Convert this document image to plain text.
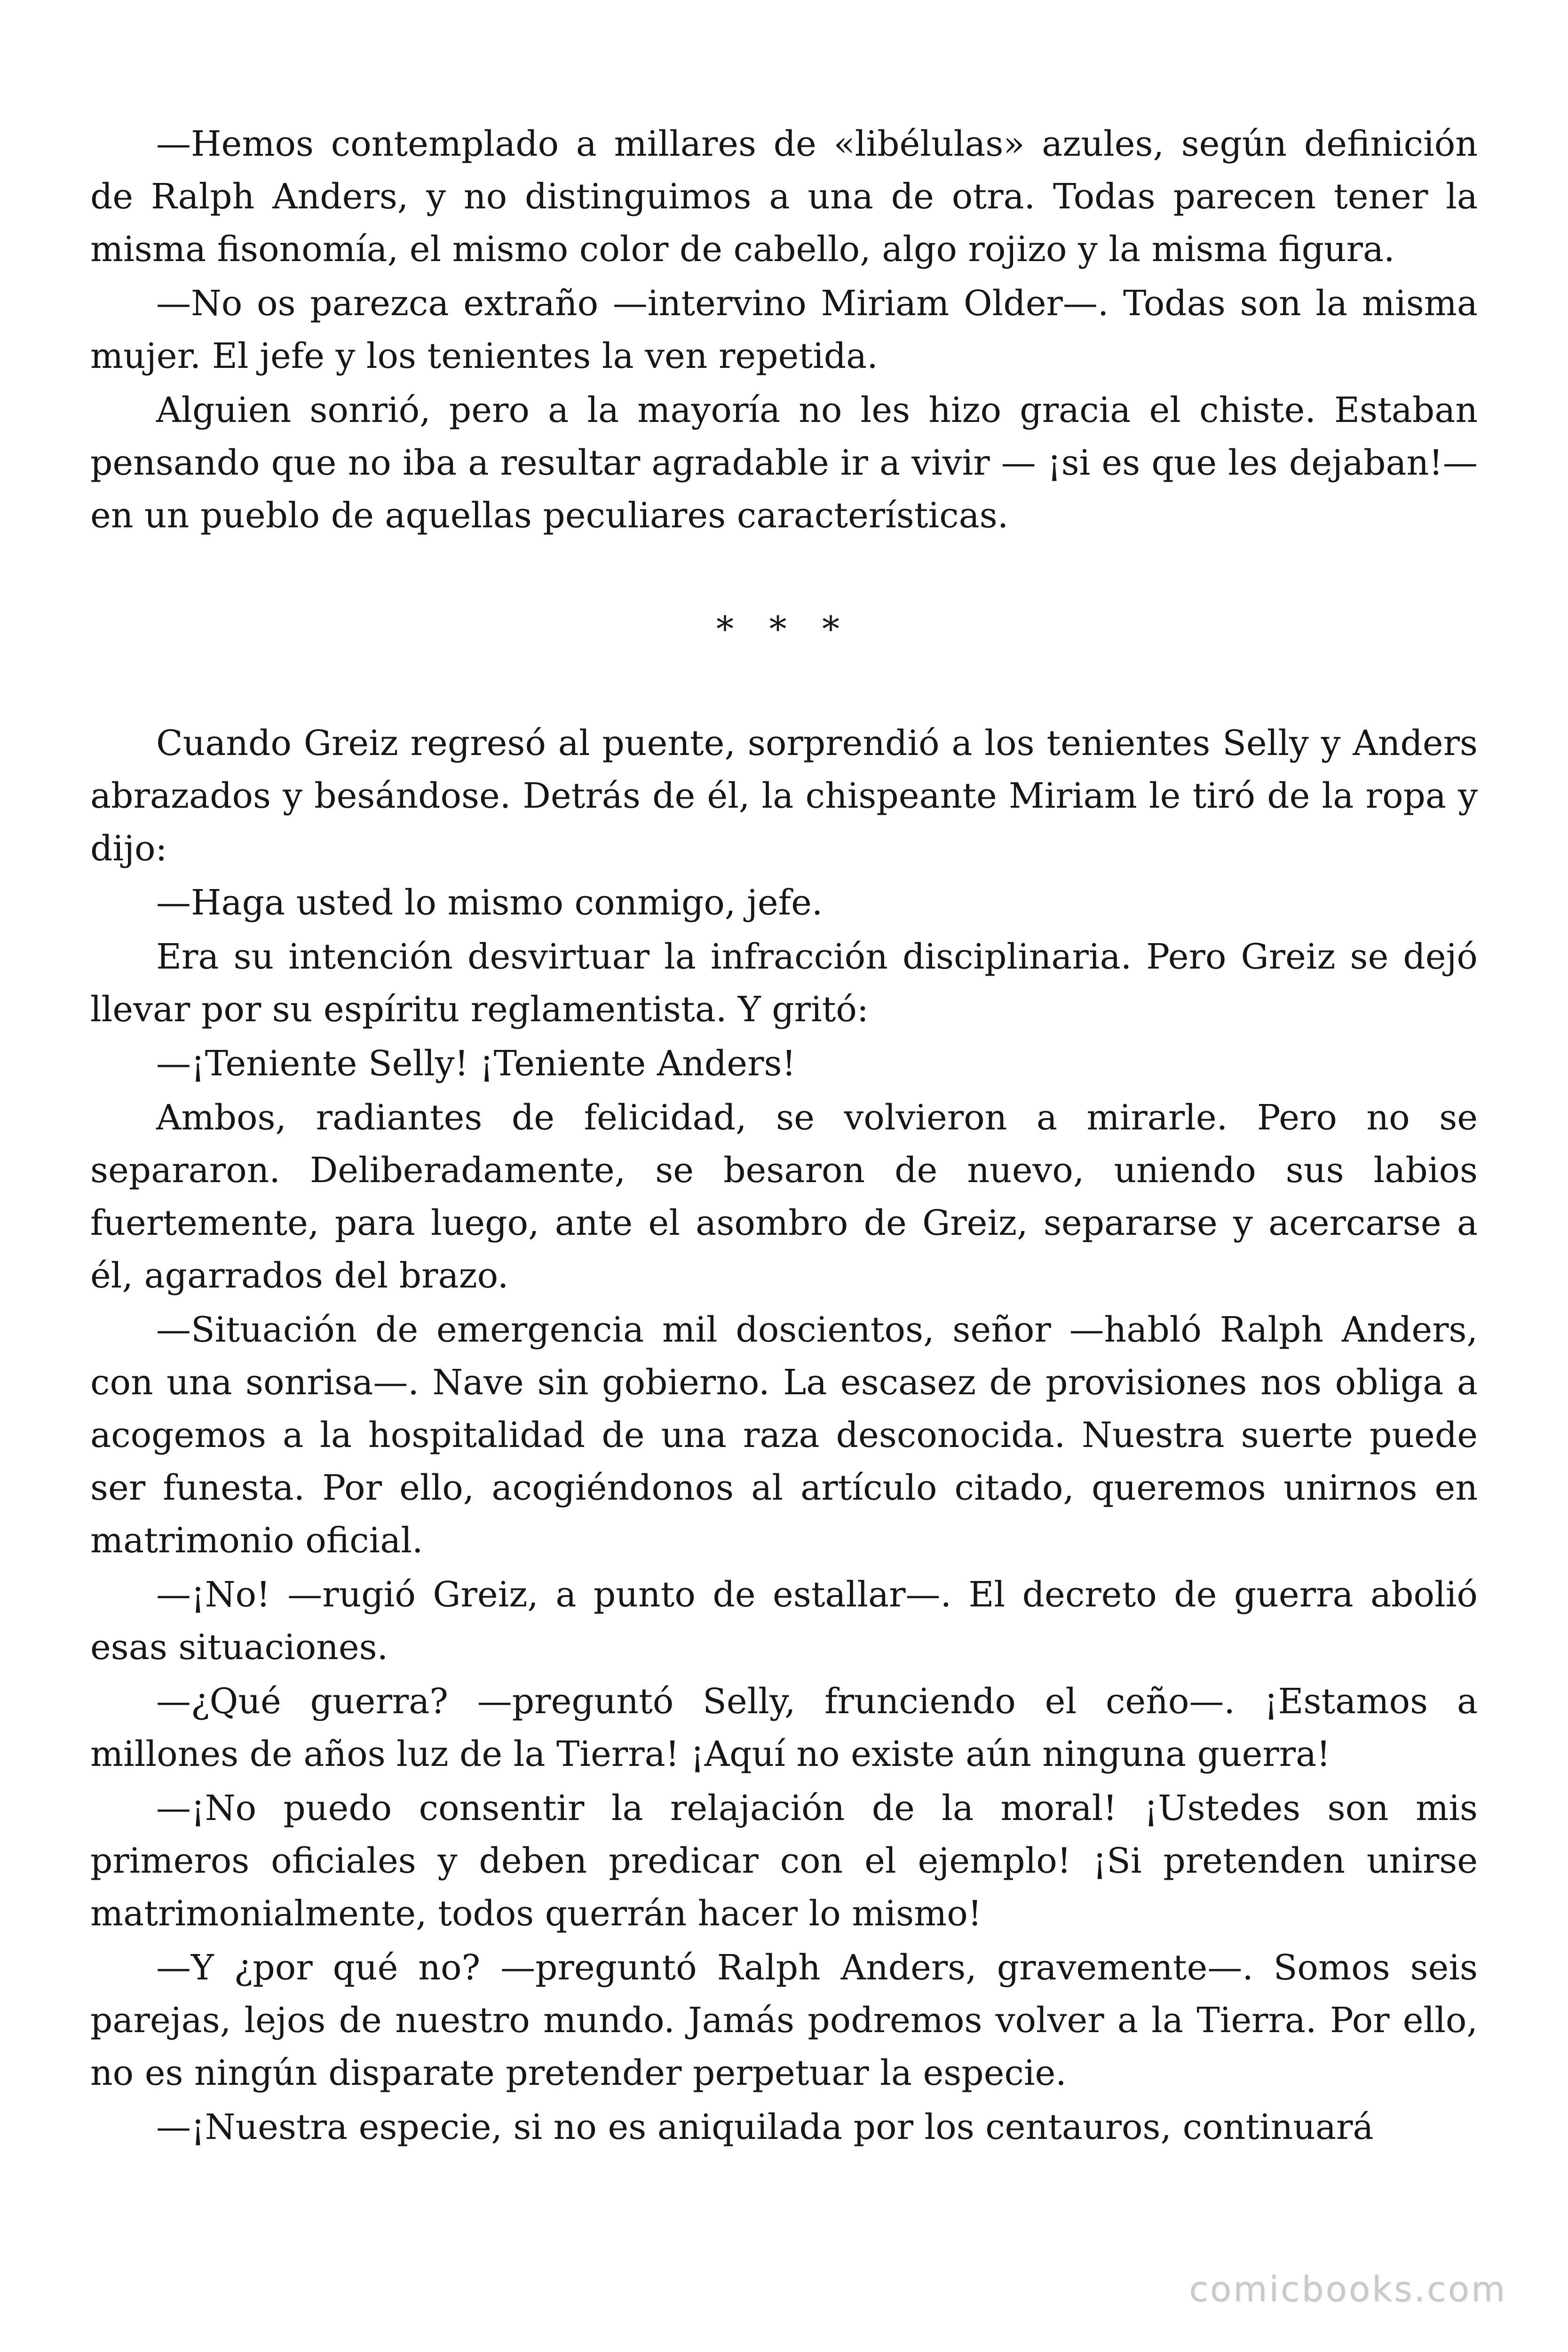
—Hemos contemplado a millares de «libélulas» azules, según definición de Ralph Anders, y no distinguimos a una de otra. Todas parecen tener la misma fisonomía, el mismo color de cabello, algo rojizo y la misma figura.

—No os parezca extraño —intervino Miriam Older—. Todas son la misma mujer. El jefe y los tenientes la ven repetida.

Alguien sonrió, pero a la mayoría no les hizo gracia el chiste. Estaban pensando que no iba a resultar agradable ir a vivir — ¡si es que les dejaban!— en un pueblo de aquellas peculiares características.

* * *

Cuando Greiz regresó al puente, sorprendió a los tenientes Selly y Anders abrazados y besándose. Detrás de él, la chispeante Miriam le tiró de la ropa y dijo:

—Haga usted lo mismo conmigo, jefe.

Era su intención desvirtuar la infracción disciplinaria. Pero Greiz se dejó llevar por su espíritu reglamentista. Y gritó:

—¡Teniente Selly! ¡Teniente Anders!

Ambos, radiantes de felicidad, se volvieron a mirarle. Pero no se separaron. Deliberadamente, se besaron de nuevo, uniendo sus labios fuertemente, para luego, ante el asombro de Greiz, separarse y acercarse a él, agarrados del brazo.

—Situación de emergencia mil doscientos, señor —habló Ralph Anders, con una sonrisa—. Nave sin gobierno. La escasez de provisiones nos obliga a acogemos a la hospitalidad de una raza desconocida. Nuestra suerte puede ser funesta. Por ello, acogiéndonos al artículo citado, queremos unirnos en matrimonio oficial.

—¡No! —rugió Greiz, a punto de estallar—. El decreto de guerra abolió esas situaciones.

—¿Qué guerra? —preguntó Selly, frunciendo el ceño—. ¡Estamos a millones de años luz de la Tierra! ¡Aquí no existe aún ninguna guerra!

—¡No puedo consentir la relajación de la moral! ¡Ustedes son mis primeros oficiales y deben predicar con el ejemplo! ¡Si pretenden unirse matrimonialmente, todos querrán hacer lo mismo!

—Y ¿por qué no? —preguntó Ralph Anders, gravemente—. Somos seis parejas, lejos de nuestro mundo. Jamás podremos volver a la Tierra. Por ello, no es ningún disparate pretender perpetuar la especie.

—¡Nuestra especie, si no es aniquilada por los centauros, continuará

comicbooks.com
